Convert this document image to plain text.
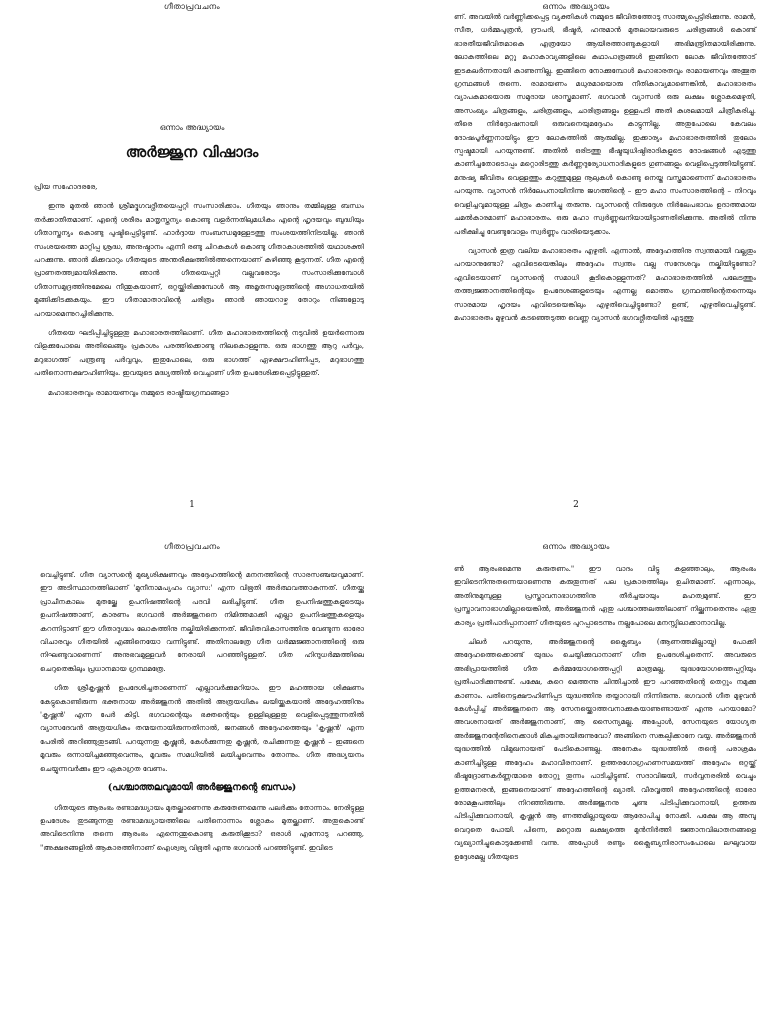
ഗീതാപ്രവചനം
ഒന്നാം അദ്ധ്യായം
അർജ്ജുന വിഷാദം

പ്രിയ സഹോദരരേ,

ഇന്നു മുതൽ ഞാൻ ശ്രീമദ്ഭഗവദ്ഗീതയെപ്പറ്റി സംസാരിക്കാം. ഗീതയും ഞാനും തമ്മിലുള്ള ബന്ധം തർക്കാതീതമാണ്. എന്റെ ശരീരം മാതൃസ്തന്യം കൊണ്ടു വളർന്നതിലുമധികം എന്റെ ഹൃദയവും ബുദ്ധിയും ഗീതാസ്തന്യം കൊണ്ടു പുഷ്ടിപ്പെട്ടിട്ടുണ്ട്. ഹാർദ്ദായ സംബന്ധമുള്ളേടത്തു സംശയത്തിനിടയില്ല. ഞാൻ സംശയത്തെ മാറ്റിപ്പ ശ്രദ്ധ, അനുഷ്ഠാനം എന്നീ രണ്ടു ചിറകുകൾ കൊണ്ടു ഗീതാകാശത്തിൽ യഥാശക്തി പറക്കുന്നു. ഞാൻ മിക്കവാറും ഗീതയുടെ അന്തരീക്ഷത്തിൽത്തന്നെയാണ് കഴിഞ്ഞു കൂടുന്നത്. ഗീത എന്റെ പ്രാണതത്ത്വമായിരിക്കുന്നു. ഞാൻ ഗീതയെപ്പറ്റി വല്ലവരോടും സംസാരിക്കുമ്പോൾ ഗീതാസമുദ്രത്തിനുമേലെ നീന്തുകയാണ്, ഒറ്റയ്ക്കിരിക്കുമ്പോൾ ആ അമൃതസമുദ്രത്തിന്റെ അഗാധതയിൽ മുങ്ങിക്കിടക്കുകയും. ഈ ഗീതാമാതാവിന്റെ ചരിത്രം ഞാൻ ഞായറാഴ്ച തോറും നിങ്ങളോടു പറയാമെന്നുറച്ചിരിക്കുന്നു.

ഗീതയെ ഘടിപ്പിച്ചിട്ടുള്ളതു മഹാഭാരതത്തിലാണ്. ഗീത മഹാഭാരതത്തിന്റെ നടുവിൽ ഉയർന്നൊരു വിളക്കുപോലെ അതിലെങ്ങും പ്രകാശം പരത്തിക്കൊണ്ടു നിലകൊള്ളുന്നു. ഒരു ഭാഗത്തു ആറു പർവ്വം, മറുഭാഗത്ത് പന്ത്രണ്ടു പർവ്വവും, ഇതുപോലെ, ഒരു ഭാഗത്ത് ഏഴക്ഷൗഹിണിപ്പട, മറുഭാഗത്തു പതിനൊന്നക്ഷൗഹിണിയും. ഇവയുടെ മദ്ധ്യത്തിൽ വെച്ചാണ് ഗീത ഉപദേശിക്കപ്പെട്ടിട്ടുള്ളത്.

മഹാഭാരതവും രാമായണവും നമ്മുടെ രാഷ്ട്രീയഗ്രന്ഥങ്ങളാ

1
ഒന്നാം അദ്ധ്യായം

ണ്. അവയിൽ വർണ്ണിക്കപ്പെട്ട വ്യക്തികൾ നമ്മുടെ ജീവിതത്തോടു സാത്മ്യപ്പെട്ടിരിക്കുന്നു. രാമൻ, സീത, ധർമ്മപുത്രൻ, ദ്രൗപദി, ഭീഷ്മർ, ഹനുമാൻ മുതലായവരുടെ ചരിത്രങ്ങൾ കൊണ്ട് ഭാരതീയജീവിതമാകെ എത്രയോ ആയിരത്താണ്ടുകളായി അഭിമന്ത്രിതമായിരിക്കുന്നു. ലോകത്തിലെ മറ്റു മഹാകാവ്യങ്ങളിലെ കഥാപാത്രങ്ങൾ ഇങ്ങിനെ ലോക ജീവിതത്തോട് ഇടകലർന്നതായി കാണുന്നില്ല. ഇങ്ങിനെ നോക്കുമ്പോൾ മഹാഭാരതവും രാമായണവും അത്ഭുത ഗ്രന്ഥങ്ങൾ തന്നെ. രാമായണം മധുരമായൊരു നീതികാവ്യമാണെങ്കിൽ, മഹാഭാരതം വ്യാപകമായൊരു സമുദായ ശാസ്ത്രമാണ്. ഭഗവാൻ വ്യാസൻ ഒരു ലക്ഷം ശ്ലോകമെഴുതി, അസംഖ്യം ചിത്രങ്ങളും, ചരിത്രങ്ങളും, ചാരിത്രങ്ങളും ഉള്ളപടി അതി കുശലമായി ചിത്രീകരിച്ചു. തീരെ നിർദ്ദോഷനായി ഒരുവനെയുമദ്ദേഹം കാട്ടുന്നില്ല. അതുപോലെ കേവലം ദോഷപൂർണ്ണനായിട്ടും ഈ ലോകത്തിൽ ആരുമില്ല. ഇക്കാര്യം മഹാഭാരതത്തിൽ തുലോം സ്പഷ്ടമായി പറയുന്നുണ്ട്. അതിൽ ഒരിടത്തു ഭീഷ്മയുധിഷ്ഠിരാദികളുടെ ദോഷങ്ങൾ എടുത്തു കാണിച്ചതോടൊപ്പം മറ്റൊരിടത്തു കർണ്ണദുര്യോധനാദികളുടെ ഗുണങ്ങളും വെളിപ്പെടുത്തിയിട്ടുണ്ട്. മനുഷ്യ ജീവിതം വെള്ളത്തും കറുത്തുമുള്ള നൂലുകൾ കൊണ്ടു നെയ്ത വസ്ത്രമാണെന്ന് മഹാഭാരതം പറയുന്നു. വ്യാസൻ നിർലേപനായിനിന്നു ജഗത്തിന്റെ – ഈ മഹാ സംസാരത്തിന്റെ – നിറവും വെളിച്ചവുമായുള്ള ചിത്രം കാണിച്ചു തരുന്നു. വ്യാസന്റെ നിരുദ്ദേശ നിർലേപഭാവം ഉദാത്തമായ ചമൽകാരമാണ് മഹാഭാരതം. ഒരു മഹാ സ്വർണ്ണഖനിയായിട്ടാണതിരിക്കുന്നു. അതിൽ നിന്നു പരീക്ഷിച്ചു വേണ്ടുവോളം സ്വർണ്ണം വാരിയെടുക്കാം.

വ്യാസൻ ഇത്ര വലിയ മഹാഭാരതം എഴുതി. എന്നാൽ, അദ്ദേഹത്തിനു സ്വന്തമായി വല്ലതും പറയാനുണ്ടോ? എവിടെയെങ്കിലും അദ്ദേഹം സ്വന്തം വല്ല സന്ദേശവും നല്കിയിട്ടുണ്ടോ? എവിടെയാണ് വ്യാസന്റെ സമാധി കൂടികൊള്ളുന്നത്? മഹാഭാരതത്തിൽ പലേടത്തും തത്ത്വജ്ഞാനത്തിന്റെയും ഉപദേശങ്ങളുടെയും എന്നല്ല മൊത്തം ഗ്രന്ഥത്തിന്റെതന്നെയും സാരമായ ഹൃദയം എവിടെയെങ്കിലും എഴുതിവെച്ചിട്ടുണ്ടോ? ഉണ്ട്, എഴുതിവെച്ചിട്ടുണ്ട്. മഹാഭാരതം മുഴുവൻ കടഞ്ഞെടുത്ത വെണ്ണ വ്യാസൻ ഭഗവദ്ഗീതയിൽ എടുത്തു

2
ഗീതാപ്രവചനം

വെച്ചിട്ടുണ്ട്. ഗീത വ്യാസന്റെ മുഖ്യശിക്ഷണവും അദ്ദേഹത്തിന്റെ മനനത്തിന്റെ സാരസഞ്ചയവുമാണ്. ഈ അടിസ്ഥാനത്തിലാണ് 'മുനീനാമപ്യഹം വ്യാസ:' എന്ന വിഭൂതി അർത്ഥവത്താകുന്നത്. ഗീതയ്ക്കു പ്രാചീനകാലം മുതല്ക്കേ ഉപനിഷത്തിന്റെ പദവി ലഭിച്ചിട്ടുണ്ട്. ഗീത ഉപനിഷത്തുകളുടെയും ഉപനിഷത്താണ്, കാരണം ഭഗവാൻ അർജ്ജുനനെ നിമിത്തമാക്കി എല്ലാ ഉപനിഷത്തുകളെയും കറന്നിട്ടാണ് ഈ ഗീതാദുഗ്ദ്ധം ലോകത്തിനു നല്കിയിരിക്കുന്നത്. ജീവിതവികാസത്തിനു വേണ്ടുന്ന ഓരോ വിചാരവും ഗീതയിൽ എങ്ങിനെയോ വന്നിട്ടുണ്ട്. അതിനാലത്രേ ഗീത ധർമ്മജ്ഞാനത്തിന്റെ ഒരു നിഘണ്ടുവാണെന്ന് അനുഭവമുള്ളവർ നേരായി പറഞ്ഞിട്ടുള്ളത്. ഗീത ഹിന്ദുധർമ്മത്തിലെ ചെറുതെങ്കിലും പ്രധാനമായ ഗ്രന്ഥമത്രേ.

ഗീത ശ്രീകൃഷ്ണൻ ഉപദേശിച്ചതാണെന്ന് എല്ലാവർക്കുമറിയാം. ഈ മഹത്തായ ശിക്ഷണം കേട്ടുകൊണ്ടിരുന്ന ഭക്തനായ അർജ്ജുനൻ അതിൽ അത്രയധികം ലയിയ്ക്കുകയാൽ അദ്ദേഹത്തിനും 'കൃഷ്ണൻ' എന്ന പേർ കിട്ടി. ഭഗവാന്റെയും ഭക്തന്റെയും ഉള്ളിലുള്ളതു വെളിപ്പെടുത്തുന്നതിൽ വ്യാസദേവൻ അത്രയധികം തന്മയനായിരുന്നതിനാൽ, ജനങ്ങൾ അദ്ദേഹത്തെയും 'കൃഷ്ണൻ' എന്ന പേരിൽ അറിഞ്ഞുതുടങ്ങി. പറയുന്നതു കൃഷ്ണൻ, കേൾക്കുന്നതു കൃഷ്ണൻ, രചിക്കുന്നതു കൃഷ്ണൻ – ഇങ്ങനെ മൂവരും ഒന്നായിച്ചമഞ്ഞുവെന്നും, മൂവരും സമധിയിൽ ലയിച്ചുവെന്നും തോന്നും. ഗീത അദ്ധ്യയനം ചെയ്യുന്നവർക്കും ഈ ഏകാഗ്രത വേണം.

(പശ്ചാത്തലവുമായി അർജ്ജുനന്റെ ബന്ധം)

ഗീതയുടെ ആരംഭം രണ്ടാമദ്ധ്യായം മുതല്ക്കാണെന്നു കരുതേണമെന്നു പലർക്കും തോന്നാം. നേരിട്ടുള്ള ഉപദേശം തുടങ്ങുന്നതു രണ്ടാമദ്ധ്യായത്തിലെ പതിനൊന്നാം ശ്ലോകം മുതല്ക്കാണ്. അതുകൊണ്ട് അവിടെനിന്നു തന്നെ ആരംഭം എന്നെന്തുകൊണ്ടു കരുതിക്കൂടാ? ഒരാൾ എന്നോടു പറഞ്ഞു, "അക്ഷരങ്ങളിൽ ആകാരത്തിനാണ് ഐശ്വര്യ വിഭൂതി എന്നു ഭഗവാൻ പറഞ്ഞിട്ടുണ്ട്. ഇവിടെ

ഒന്നാം അദ്ധ്യായം

ൺ ആരംഭമെന്നു കരുതണം." ഈ വാദം വിട്ടു കളഞ്ഞാലും, ആരംഭം ഇവിടെനിന്നുതന്നെയാണെന്നു കരുതുന്നത് പല പ്രകാരത്തിലും ഉചിതമാണ്. എന്നാലും, അതിനുമുമ്പുള്ള പ്രസ്താവനാഭാഗത്തിനു തീർച്ചയായും മഹത്വമുണ്ട്. ഈ പ്രസ്താവനാഭാഗമില്ലായെങ്കിൽ, അർജ്ജുനൻ ഏതു പശ്ചാത്തലത്തിലാണ് നില്ക്കുന്നതെന്നും ഏതു കാര്യം പ്രതിപാദിപ്പാനാണ് ഗീതയുടെ പുറപ്പാടെന്നും നല്ലപോലെ മനസ്സിലാക്കാനാവില്ല.

ചിലർ പറയുന്നു, അർജ്ജുനന്റെ ക്ലൈബ്യം (ആണത്തമില്ലായ്മ) പോക്കി അദ്ദേഹത്തെക്കൊണ്ട് യുദ്ധം ചെയ്യിക്കുവാനാണ് ഗീത ഉപദേശിച്ചതെന്ന്. അവരുടെ അഭിപ്രായത്തിൽ ഗീത കർമ്മയോഗത്തെപ്പറ്റി മാത്രമല്ല, യുദ്ധയോഗത്തെപ്പറ്റിയും പ്രതിപാദിക്കുന്നുണ്ട്. പക്ഷേ, കുറെ മെത്തന്നു ചിന്തിച്ചാൽ ഈ പറഞ്ഞതിന്റെ തെറ്റും നമുക്കു കാണാം. പതിനെട്ടക്ഷൗഹിണിപ്പട യുദ്ധത്തിനു തയ്യാറായി നിന്നിരുന്നു. ഭഗവാൻ ഗീത മുഴുവൻ കേൾപ്പിച്ച് അർജ്ജുനനെ ആ സേനയ്ക്കൊത്തവനാക്കുകയാണുണ്ടായത് എന്നു പറയാമോ? അവശനായത് അർജ്ജുനനാണ്, ആ സൈന്യമല്ല. അപ്പോൾ, സേനയുടെ യോഗ്യത അർജ്ജുനന്റേതിനെക്കാൾ മികച്ചതായിരുന്നുവോ? അങ്ങിനെ സങ്കല്പിക്കാനേ വയ്യ. അർജ്ജുനൻ യുദ്ധത്തിൽ വിമുഖനായത് പേടികൊണ്ടല്ല. അനേകം യുദ്ധത്തിൽ തന്റെ പരാക്രമം കാണിച്ചിട്ടുള്ള അദ്ദേഹം മഹാവീരനാണ്. ഉത്തരഗോഗ്രഹണസമയത്ത് അദ്ദേഹം ഒറ്റയ്ക്ക് ഭീഷ്മദ്രോണകർണ്ണന്മാരെ തോറ്റു തുന്നം പാടിച്ചിട്ടുണ്ട്. സദാവിജയി, സർവ്വനരരിൽ വെച്ചും ഉത്തമനരൻ, ഇങ്ങനെയാണ് അദ്ദേഹത്തിന്റെ ഖ്യാതി. വീരവൃത്തി അദ്ദേഹത്തിന്റെ ഓരോ രോമകൂപത്തിലും നിറഞ്ഞിരുന്നു. അർജ്ജുനനു ചൂണ്ട പിടിപ്പിക്കുവാനായി, ഉത്തരു പിടിപ്പിക്കുവാനായി, കൃഷ്ണൻ ആ ണത്തമില്ലായ്മയെ ആരോപിച്ചു നോക്കി. പക്ഷേ ആ അമ്പു വെറുതെ പോയി. പിന്നെ, മറ്റൊരു ലക്ഷ്യത്തെ മുൻനിർത്തി ജ്ഞാനവിലാതനങ്ങളെ വ്യഖ്യാനിച്ചുകൊടുക്കേണ്ടി വന്നു. അപ്പോൾ രണ്ടും ക്ലൈബ്യനിരാസംപോലെ ലഘുവായ ഉദ്ദേശമല്ല ഗീതയുടെ
